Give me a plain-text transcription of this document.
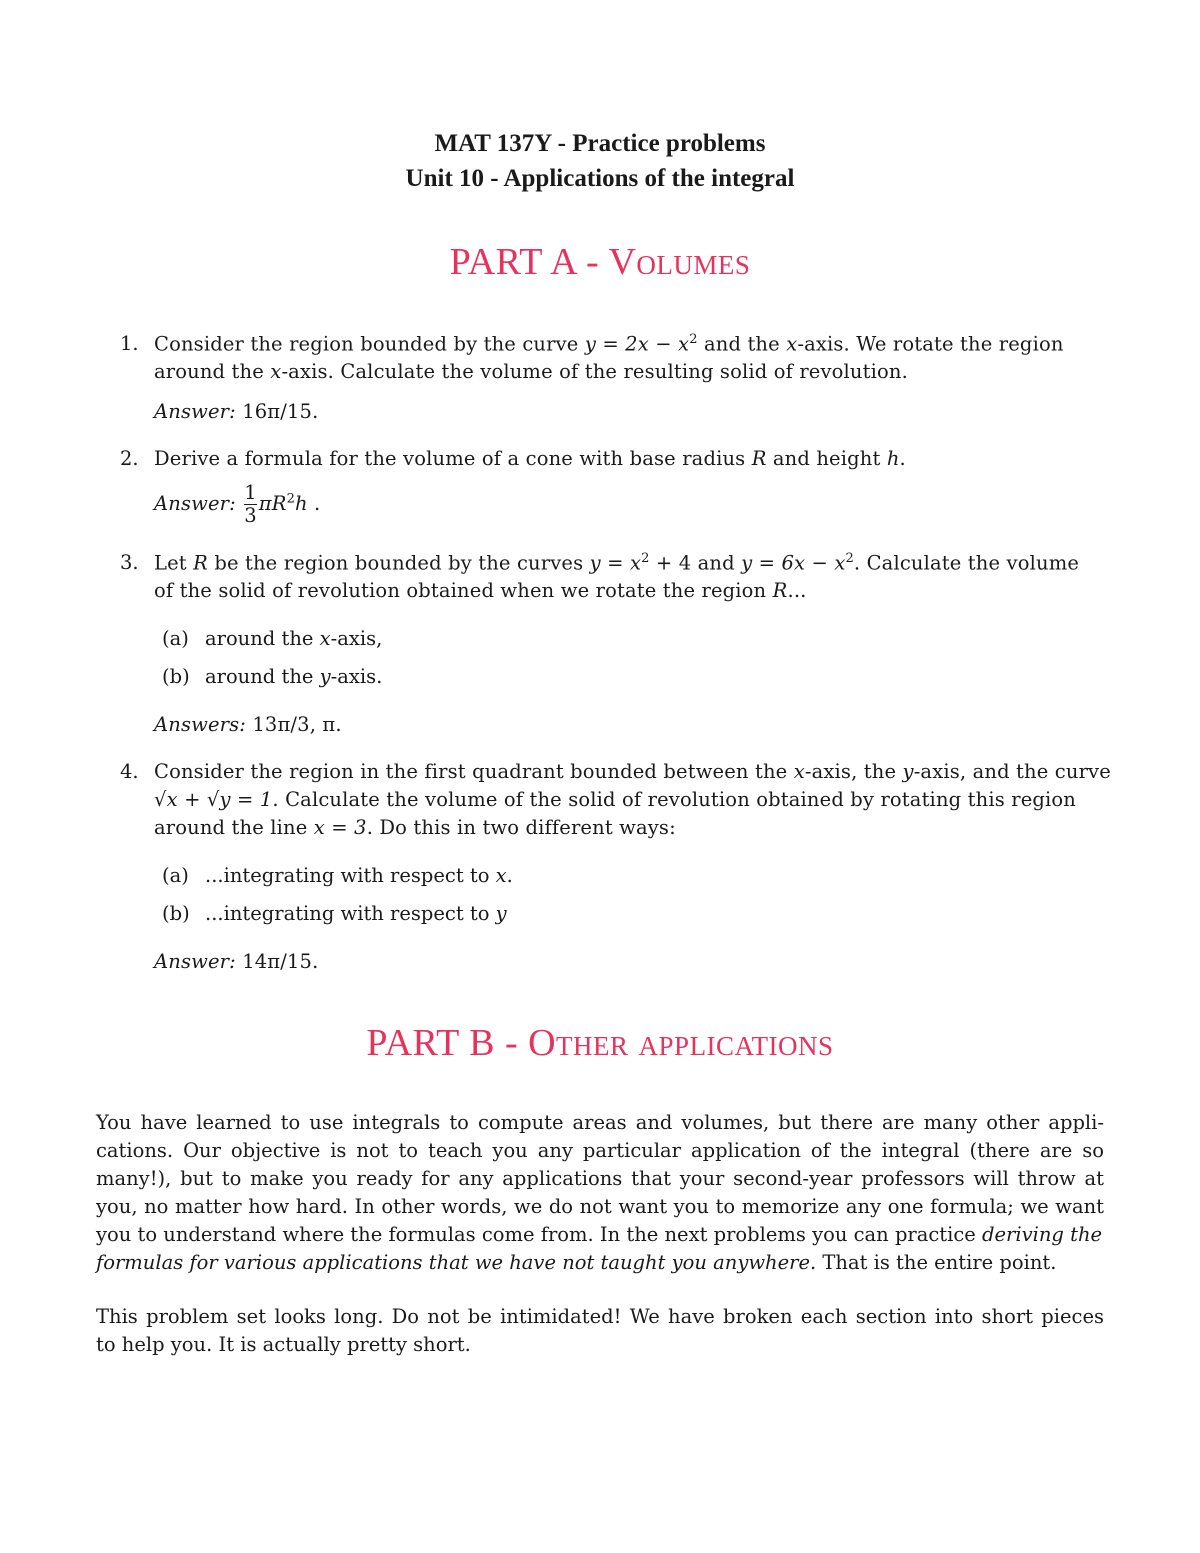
MAT 137Y - Practice problems
Unit 10 - Applications of the integral
PART A - Volumes
1. Consider the region bounded by the curve $y = 2x - x^2$ and the x-axis. We rotate the region
around the x-axis. Calculate the volume of the resulting solid of revolution.
Answer: 16π/15.
2. Derive a formula for the volume of a cone with base radius R and height h.
Answer: $\frac{1}{3} \pi R^2h$ .
3. Let R be the region bounded by the curves $y = x^2 + 4$ and $y = 6x - x^2$. Calculate the volume
of the solid of revolution obtained when we rotate the region R...
(a) around the x-axis,
(b) around the y-axis.
Answers: 13π/3, π.
4. Consider the region in the first quadrant bounded between the x-axis, the y-axis, and the curve
√x + √y = 1. Calculate the volume of the solid of revolution obtained by rotating this region
around the line x = 3. Do this in two different ways:
(a) ...integrating with respect to x.
(b) ...integrating with respect to y
Answer: 14π/15.
PART B - Other applications
You have learned to use integrals to compute areas and volumes, but there are many other appli-
cations. Our objective is not to teach you any particular application of the integral (there are so
many!), but to make you ready for any applications that your second-year professors will throw at
you, no matter how hard. In other words, we do not want you to memorize any one formula; we want
you to understand where the formulas come from. In the next problems you can practice deriving the
formulas for various applications that we have not taught you anywhere. That is the entire point.
This problem set looks long. Do not be intimidated! We have broken each section into short pieces
to help you. It is actually pretty short.
